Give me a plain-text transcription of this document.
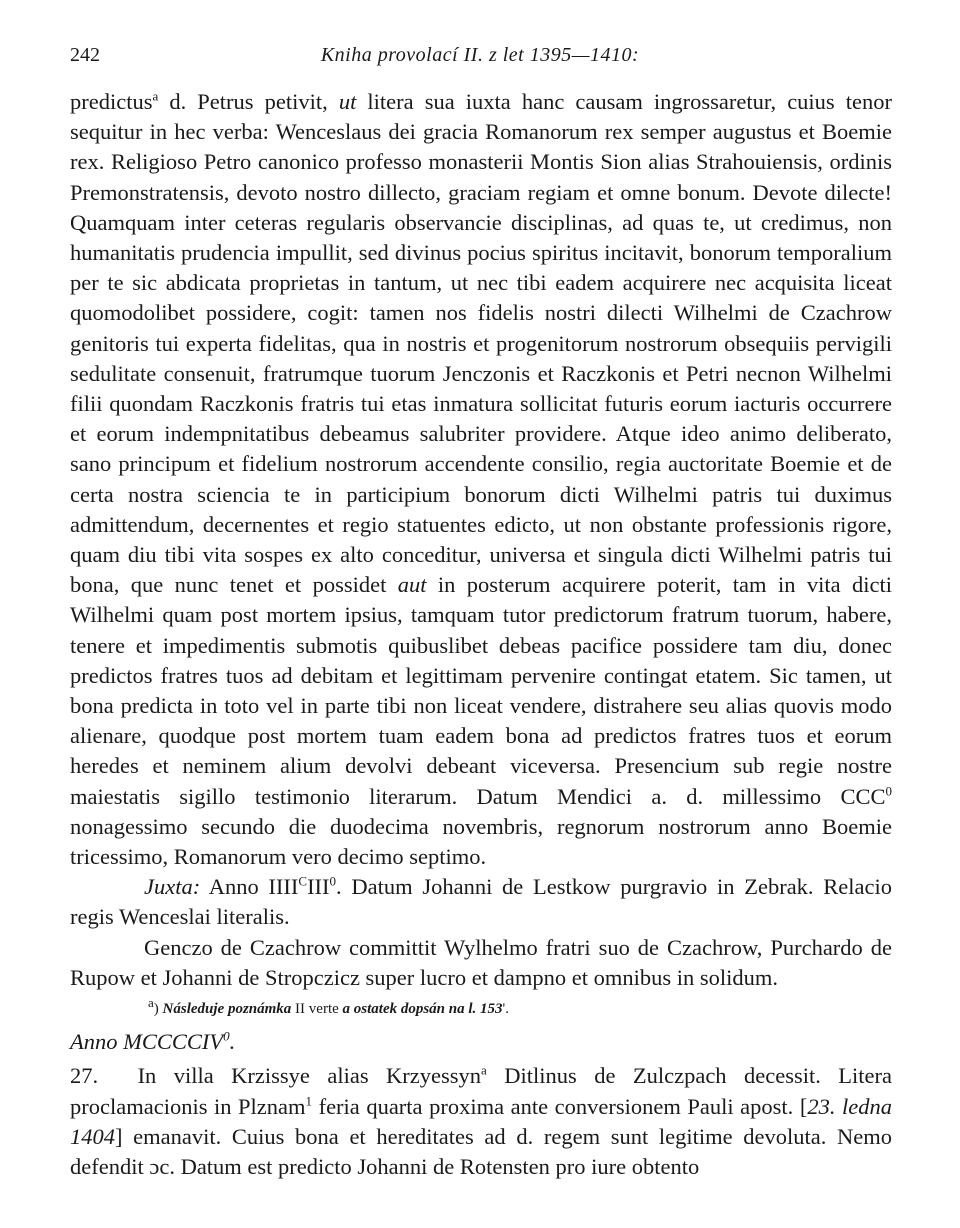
242	Kniha provolací II. z let 1395—1410:

predictus$^a$ d. Petrus petivit, ut litera sua iuxta hanc causam ingrossaretur, cuius tenor sequitur in hec verba: Wenceslaus dei gracia Romanorum rex semper augustus et Boemie rex. Religioso Petro canonico professo monasterii Montis Sion alias Strahouiensis, ordinis Premonstratensis, devoto nostro dillecto, graciam regiam et omne bonum. Devote dilecte! Quamquam inter ceteras regularis observancie disciplinas, ad quas te, ut credimus, non humanitatis prudencia impullit, sed divinus pocius spiritus incitavit, bonorum temporalium per te sic abdicata proprietas in tantum, ut nec tibi eadem acquirere nec acquisita liceat quomodolibet possidere, cogit: tamen nos fidelis nostri dilecti Wilhelmi de Czachrow genitoris tui experta fidelitas, qua in nostris et progenitorum nostrorum obsequiis pervigili sedulitate consenuit, fratrumque tuorum Jenczonis et Raczkonis et Petri necnon Wilhelmi filii quondam Raczkonis fratris tui etas inmatura sollicitat futuris eorum iacturis occurrere et eorum indempnitatibus debeamus salubriter providere. Atque ideo animo deliberato, sano principum et fidelium nostrorum accendente consilio, regia auctoritate Boemie et de certa nostra sciencia te in participium bonorum dicti Wilhelmi patris tui duximus admittendum, decernentes et regio statuentes edicto, ut non obstante professionis rigore, quam diu tibi vita sospes ex alto conceditur, universa et singula dicti Wilhelmi patris tui bona, que nunc tenet et possidet aut in posterum acquirere poterit, tam in vita dicti Wilhelmi quam post mortem ipsius, tamquam tutor predictorum fratrum tuorum, habere, tenere et impedimentis submotis quibuslibet debeas pacifice possidere tam diu, donec predictos fratres tuos ad debitam et legittimam pervenire contingat etatem. Sic tamen, ut bona predicta in toto vel in parte tibi non liceat vendere, distrahere seu alias quovis modo alienare, quodque post mortem tuam eadem bona ad predictos fratres tuos et eorum heredes et neminem alium devolvi debeant viceversa. Presencium sub regie nostre maiestatis sigillo testimonio literarum. Datum Mendici a. d. millessimo CCC$^0$ nonagessimo secundo die duodecima novembris, regnorum nostrorum anno Boemie tricessimo, Romanorum vero decimo septimo.

Juxta: Anno $IIII^CIII^0$. Datum Johanni de Lestkow purgravio in Zebrak. Relacio regis Wenceslai literalis.

Genczo de Czachrow committit Wylhelmo fratri suo de Czachrow, Purchardo de Rupow et Johanni de Stropczicz super lucro et dampno et omnibus in solidum.

$^a$) Následuje poznámka II verte a ostatek dopsán na l. 153'.

Anno MCCCCIV$^0$.

27. In villa Krzissye alias Krzyessyn$^a$ Ditlinus de Zulczpach decessit. Litera proclamacionis in Plznam$^1$ feria quarta proxima ante conversionem Pauli apost. [23. ledna 1404] emanavit. Cuius bona et hereditates ad d. regem sunt legitime devoluta. Nemo defendit ɔc. Datum est predicto Johanni de Rotensten pro iure obtento
